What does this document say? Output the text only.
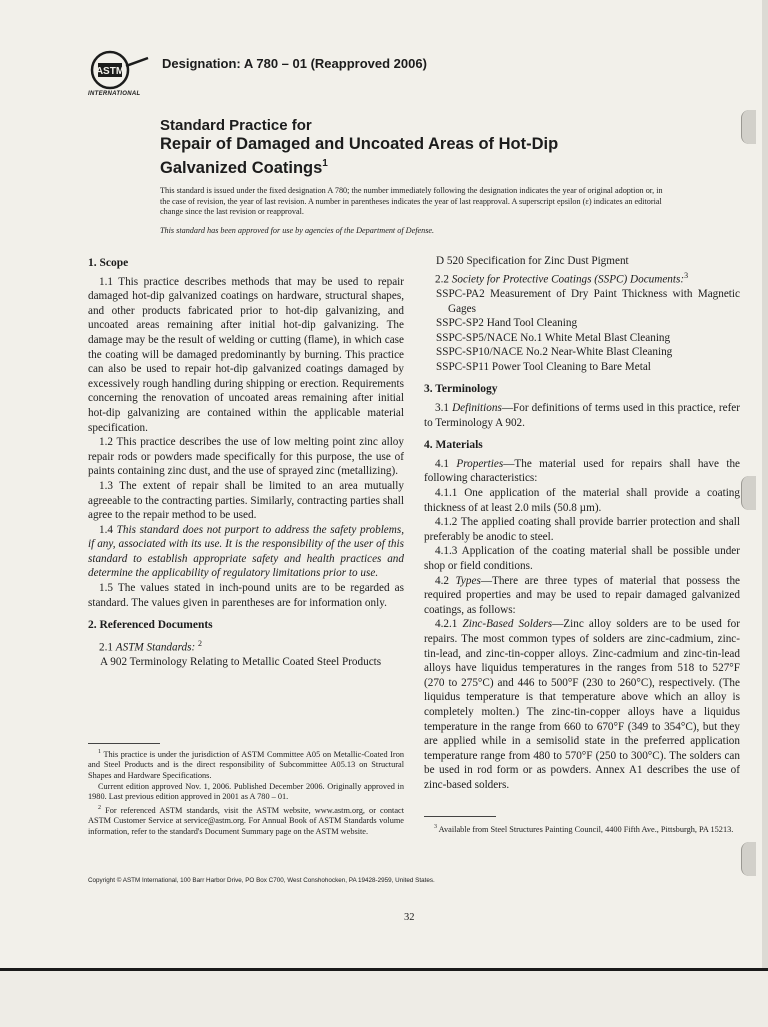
ASTM
INTERNATIONAL
Designation: A 780 – 01 (Reapproved 2006)
Standard Practice for
Repair of Damaged and Uncoated Areas of Hot-Dip
Galvanized Coatings$^1$
This standard is issued under the fixed designation A 780; the number immediately following the designation indicates the year of original adoption or, in the case of revision, the year of last revision. A number in parentheses indicates the year of last reapproval. A superscript epsilon (ε) indicates an editorial change since the last revision or reapproval.
This standard has been approved for use by agencies of the Department of Defense.
1. Scope

1.1 This practice describes methods that may be used to repair damaged hot-dip galvanized coatings on hardware, structural shapes, and other products fabricated prior to hot-dip galvanizing, and uncoated areas remaining after initial hot-dip galvanizing. The damage may be the result of welding or cutting (flame), in which case the coating will be damaged predominantly by burning. This practice can also be used to repair hot-dip galvanized coatings damaged by excessively rough handling during shipping or erection. Requirements concerning the renovation of uncoated areas remaining after initial hot-dip galvanizing are contained within the applicable material specification.

1.2 This practice describes the use of low melting point zinc alloy repair rods or powders made specifically for this purpose, the use of paints containing zinc dust, and the use of sprayed zinc (metallizing).

1.3 The extent of repair shall be limited to an area mutually agreeable to the contracting parties. Similarly, contracting parties shall agree to the repair method to be used.

1.4 This standard does not purport to address the safety problems, if any, associated with its use. It is the responsibility of the user of this standard to establish appropriate safety and health practices and determine the applicability of regulatory limitations prior to use.

1.5 The values stated in inch-pound units are to be regarded as standard. The values given in parentheses are for information only.

2. Referenced Documents

2.1 ASTM Standards: $^2$

A 902 Terminology Relating to Metallic Coated Steel Products

$^1$ This practice is under the jurisdiction of ASTM Committee A05 on Metallic-Coated Iron and Steel Products and is the direct responsibility of Subcommittee A05.13 on Structural Shapes and Hardware Specifications.

Current edition approved Nov. 1, 2006. Published December 2006. Originally approved in 1980. Last previous edition approved in 2001 as A 780 – 01.

$^2$ For referenced ASTM standards, visit the ASTM website, www.astm.org, or contact ASTM Customer Service at service@astm.org. For Annual Book of ASTM Standards volume information, refer to the standard's Document Summary page on the ASTM website.

D 520 Specification for Zinc Dust Pigment

2.2 Society for Protective Coatings (SSPC) Documents:$^3$

SSPC-PA2 Measurement of Dry Paint Thickness with Magnetic Gages

SSPC-SP2 Hand Tool Cleaning

SSPC-SP5/NACE No.1 White Metal Blast Cleaning

SSPC-SP10/NACE No.2 Near-White Blast Cleaning

SSPC-SP11 Power Tool Cleaning to Bare Metal

3. Terminology

3.1 Definitions—For definitions of terms used in this practice, refer to Terminology A 902.

4. Materials

4.1 Properties—The material used for repairs shall have the following characteristics:

4.1.1 One application of the material shall provide a coating thickness of at least 2.0 mils (50.8 µm).

4.1.2 The applied coating shall provide barrier protection and shall preferably be anodic to steel.

4.1.3 Application of the coating material shall be possible under shop or field conditions.

4.2 Types—There are three types of material that possess the required properties and may be used to repair damaged galvanized coatings, as follows:

4.2.1 Zinc-Based Solders—Zinc alloy solders are to be used for repairs. The most common types of solders are zinc-cadmium, zinc-tin-lead, and zinc-tin-copper alloys. Zinc-cadmium and zinc-tin-lead alloys have liquidus temperatures in the ranges from 518 to 527°F (270 to 275°C) and 446 to 500°F (230 to 260°C), respectively. (The liquidus temperature is that temperature above which an alloy is completely molten.) The zinc-tin-copper alloys have a liquidus temperature in the range from 660 to 670°F (349 to 354°C), but they are applied while in a semisolid state in the preferred application temperature range from 480 to 570°F (250 to 300°C). The solders can be used in rod form or as powders. Annex A1 describes the use of zinc-based solders.

$^3$ Available from Steel Structures Painting Council, 4400 Fifth Ave., Pittsburgh, PA 15213.

Copyright © ASTM International, 100 Barr Harbor Drive, PO Box C700, West Conshohocken, PA 19428-2959, United States.
32
